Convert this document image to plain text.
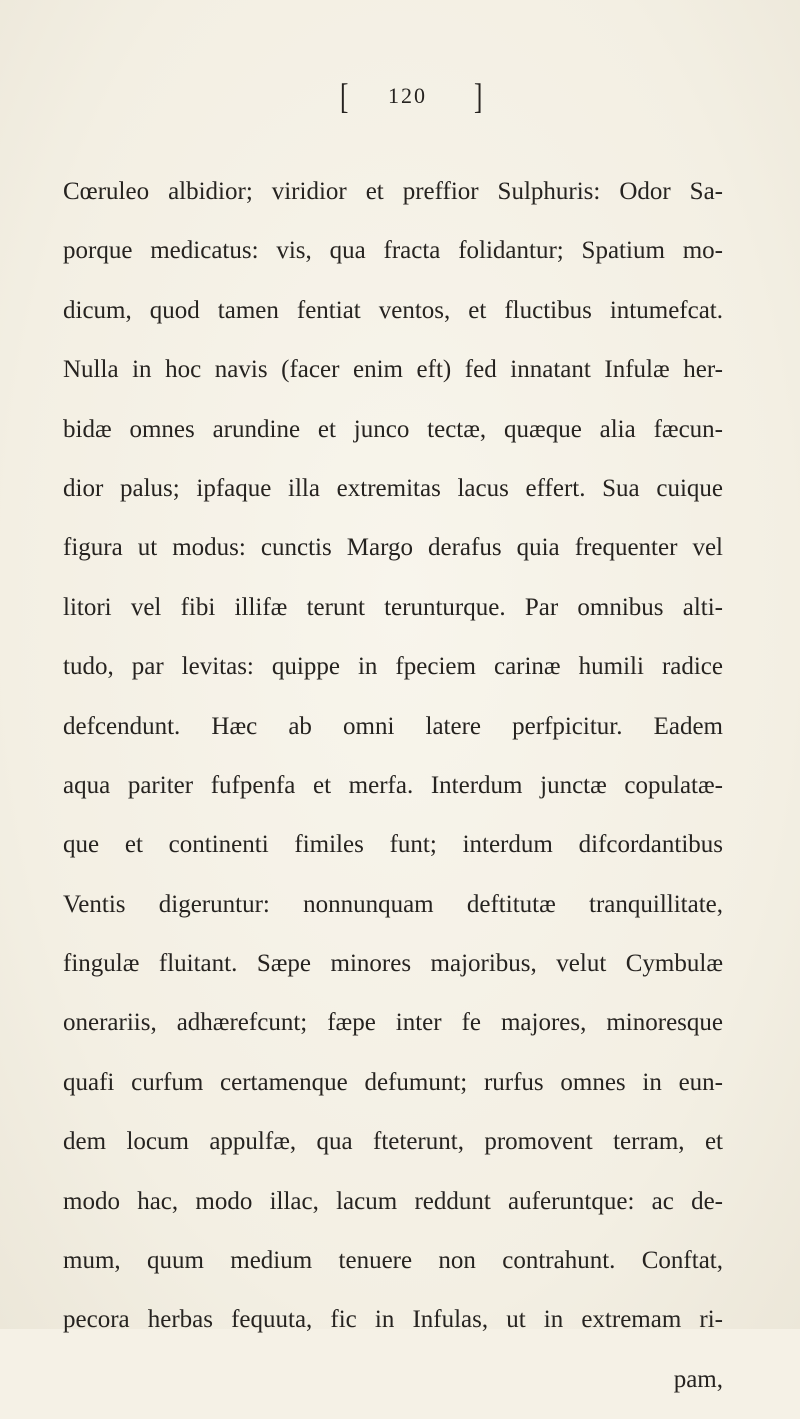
[ 120 ]
Cœruleo albidior; viridior et preffior Sulphuris: Odor Sa-
porque medicatus: vis, qua fracta folidantur; Spatium mo-
dicum, quod tamen fentiat ventos, et fluctibus intumefcat.
Nulla in hoc navis (facer enim eft) fed innatant Infulæ her-
bidæ omnes arundine et junco tectæ, quæque alia fæcun-
dior palus; ipfaque illa extremitas lacus effert. Sua cuique
figura ut modus: cunctis Margo derafus quia frequenter vel
litori vel fibi illifæ terunt terunturque. Par omnibus alti-
tudo, par levitas: quippe in fpeciem carinæ humili radice
defcendunt. Hæc ab omni latere perfpicitur. Eadem
aqua pariter fufpenfa et merfa. Interdum junctæ copulatæ-
que et continenti fimiles funt; interdum difcordantibus
Ventis digeruntur: nonnunquam deftitutæ tranquillitate,
fingulæ fluitant. Sæpe minores majoribus, velut Cymbulæ
onerariis, adhærefcunt; fæpe inter fe majores, minoresque
quafi curfum certamenque defumunt; rurfus omnes in eun-
dem locum appulfæ, qua fteterunt, promovent terram, et
modo hac, modo illac, lacum reddunt auferuntque: ac de-
mum, quum medium tenuere non contrahunt. Conftat,
pecora herbas fequuta, fic in Infulas, ut in extremam ri-
pam,
